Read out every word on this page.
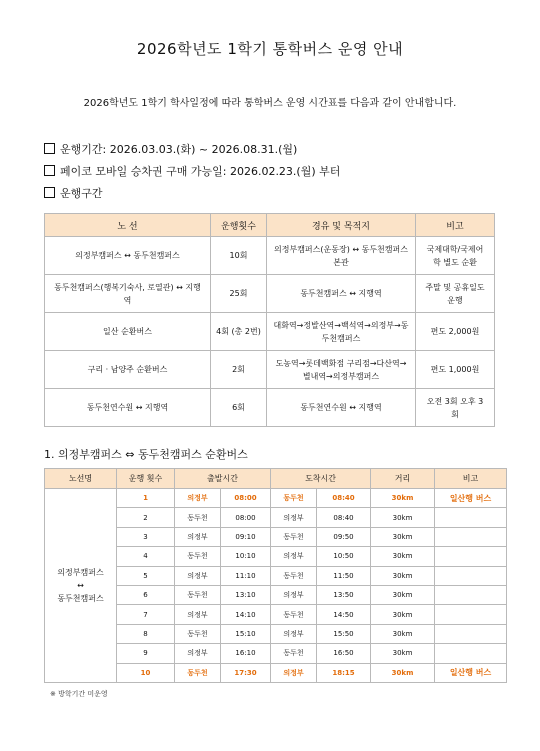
2026학년도 1학기 통학버스 운영 안내
2026학년도 1학기 학사일정에 따라 통학버스 운영 시간표를 다음과 같이 안내합니다.
운행기간: 2026.03.03.(화) ~ 2026.08.31.(월)
페이코 모바일 승차권 구매 가능일: 2026.02.23.(월) 부터
운행구간
노 선	운행횟수	경유 및 목적지	비고
의정부캠퍼스 ↔ 동두천캠퍼스	10회	의정부캠퍼스(운동장) ↔ 동두천캠퍼스 본관	국제대학/국제어학 별도 순환
동두천캠퍼스(행복기숙사, 로열관) ↔ 지행역	25회	동두천캠퍼스 ↔ 지행역	주말 및 공휴일도 운행
일산 순환버스	4회 (총 2번)	대화역→정발산역→백석역→의정부→동두천캠퍼스	편도 2,000원
구리 · 남양주 순환버스	2회	도농역→롯데백화점 구리점→다산역→별내역→의정부캠퍼스	편도 1,000원
동두천연수원 ↔ 지행역	6회	동두천연수원 ↔ 지행역	오전 3회 오후 3회
1. 의정부캠퍼스 ⇔ 동두천캠퍼스 순환버스
노선명	운행 횟수	출발시간		도착시간		거리	비고

의정부캠퍼스
↔
동두천캠퍼스	1	의정부	08:00	동두천	08:40	30km	일산행 버스
	2	동두천	08:00	의정부	08:40	30km	
	3	의정부	09:10	동두천	09:50	30km	
	4	동두천	10:10	의정부	10:50	30km	
	5	의정부	11:10	동두천	11:50	30km	
	6	동두천	13:10	의정부	13:50	30km	
	7	의정부	14:10	동두천	14:50	30km	
	8	동두천	15:10	의정부	15:50	30km	
	9	의정부	16:10	동두천	16:50	30km	
	10	동두천	17:30	의정부	18:15	30km	일산행 버스
※ 방학기간 미운영
